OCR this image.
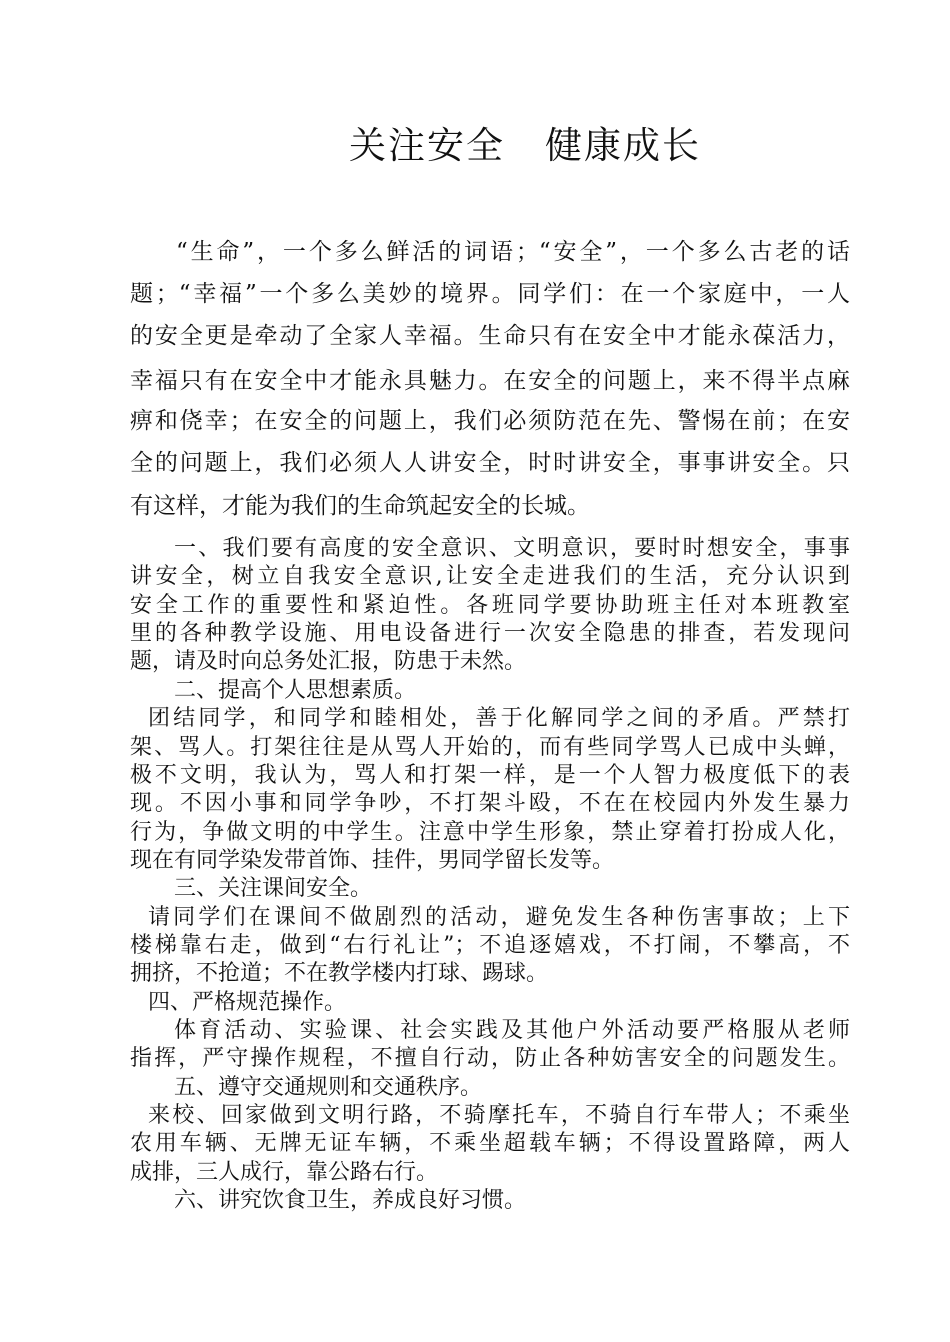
关注安全 健康成长
“生命”，一个多么鲜活的词语；“安全”，一个多么古老的话
题；“幸福”一个多么美妙的境界。同学们：在一个家庭中，一人
的安全更是牵动了全家人幸福。生命只有在安全中才能永葆活力，
幸福只有在安全中才能永具魅力。在安全的问题上，来不得半点麻
痹和侥幸；在安全的问题上，我们必须防范在先、警惕在前；在安
全的问题上，我们必须人人讲安全，时时讲安全，事事讲安全。只
有这样，才能为我们的生命筑起安全的长城。
一、我们要有高度的安全意识、文明意识，要时时想安全，事事
讲安全，树立自我安全意识,让安全走进我们的生活，充分认识到
安全工作的重要性和紧迫性。各班同学要协助班主任对本班教室
里的各种教学设施、用电设备进行一次安全隐患的排查，若发现问
题，请及时向总务处汇报，防患于未然。
二、提高个人思想素质。
团结同学，和同学和睦相处，善于化解同学之间的矛盾。严禁打
架、骂人。打架往往是从骂人开始的，而有些同学骂人已成中头蝉，
极不文明，我认为，骂人和打架一样，是一个人智力极度低下的表
现。不因小事和同学争吵，不打架斗殴，不在在校园内外发生暴力
行为，争做文明的中学生。注意中学生形象，禁止穿着打扮成人化，
现在有同学染发带首饰、挂件，男同学留长发等。
三、关注课间安全。
请同学们在课间不做剧烈的活动，避免发生各种伤害事故；上下
楼梯靠右走，做到“右行礼让”；不追逐嬉戏，不打闹，不攀高，不
拥挤，不抢道；不在教学楼内打球、踢球。
四、严格规范操作。
体育活动、实验课、社会实践及其他户外活动要严格服从老师
指挥，严守操作规程，不擅自行动，防止各种妨害安全的问题发生。
五、遵守交通规则和交通秩序。
来校、回家做到文明行路，不骑摩托车，不骑自行车带人；不乘坐
农用车辆、无牌无证车辆，不乘坐超载车辆；不得设置路障，两人
成排，三人成行，靠公路右行。
六、讲究饮食卫生，养成良好习惯。
